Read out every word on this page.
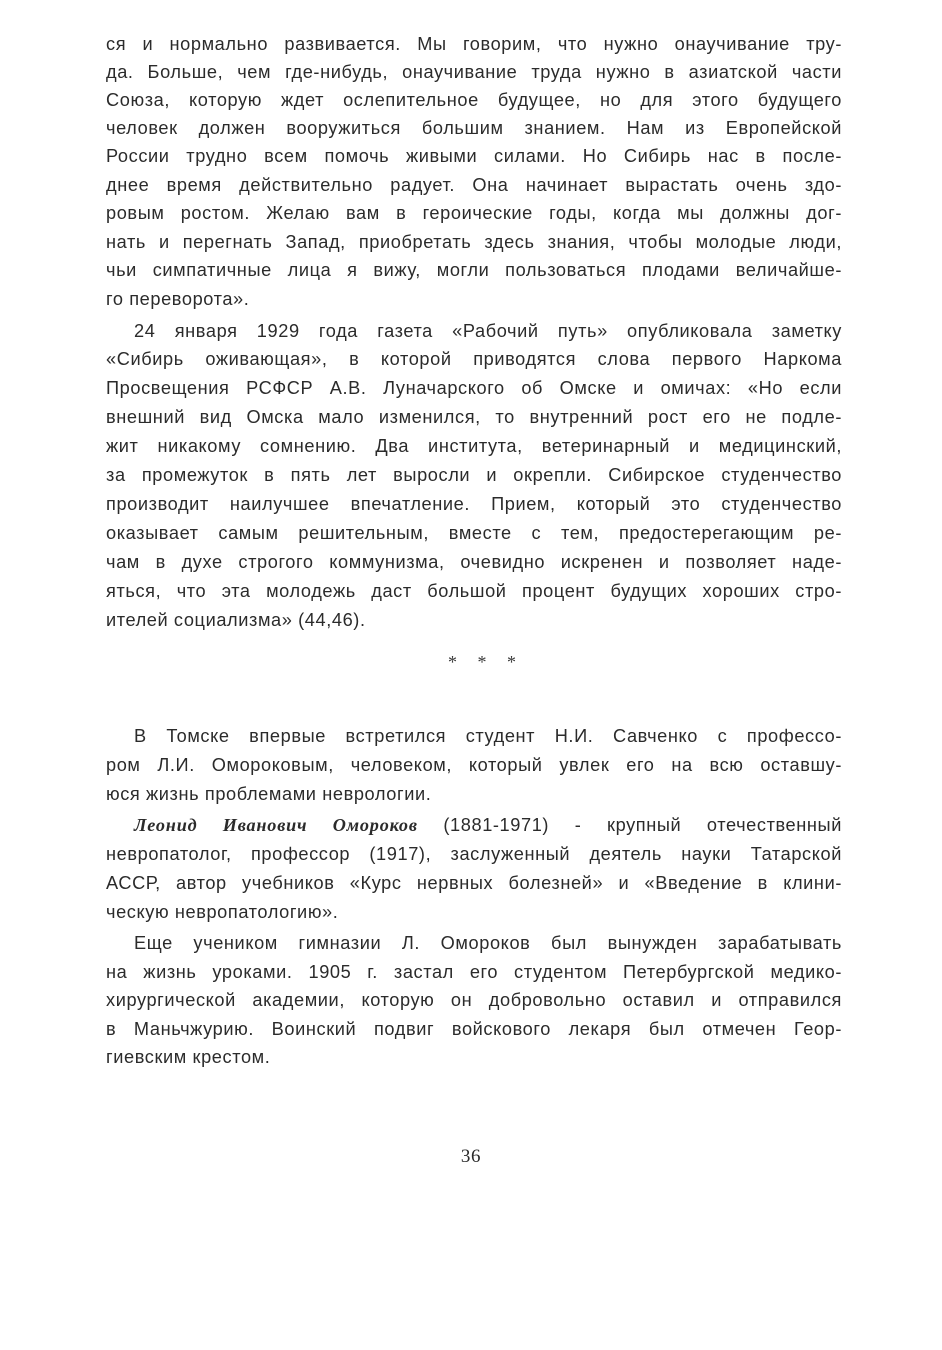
ся и нормально развивается. Мы говорим, что нужно онаучивание тру-
да. Больше, чем где-нибудь, онаучивание труда нужно в азиатской части
Союза, которую ждет ослепительное будущее, но для этого будущего
человек должен вооружиться большим знанием. Нам из Европейской
России трудно всем помочь живыми силами. Но Сибирь нас в после-
днее время действительно радует. Она начинает вырастать очень здо-
ровым ростом. Желаю вам в героические годы, когда мы должны дог-
нать и перегнать Запад, приобретать здесь знания, чтобы молодые люди,
чьи симпатичные лица я вижу, могли пользоваться плодами величайше-
го переворота».
24 января 1929 года газета «Рабочий путь» опубликовала заметку
«Сибирь оживающая», в которой приводятся слова первого Наркома
Просвещения РСФСР А.В. Луначарского об Омске и омичах: «Но если
внешний вид Омска мало изменился, то внутренний рост его не подле-
жит никакому сомнению. Два института, ветеринарный и медицинский,
за промежуток в пять лет выросли и окрепли. Сибирское студенчество
производит наилучшее впечатление. Прием, который это студенчество
оказывает самым решительным, вместе с тем, предостерегающим ре-
чам в духе строгого коммунизма, очевидно искренен и позволяет наде-
яться, что эта молодежь даст большой процент будущих хороших стро-
ителей социализма» (44,46).
* * *
В Томске впервые встретился студент Н.И. Савченко с профессо-
ром Л.И. Омороковым, человеком, который увлек его на всю оставшу-
юся жизнь проблемами неврологии.
Леонид Иванович Омороков (1881-1971) - крупный отечественный
невропатолог, профессор (1917), заслуженный деятель науки Татарской
АССР, автор учебников «Курс нервных болезней» и «Введение в клини-
ческую невропатологию».
Еще учеником гимназии Л. Омороков был вынужден зарабатывать
на жизнь уроками. 1905 г. застал его студентом Петербургской медико-
хирургической академии, которую он добровольно оставил и отправился
в Маньчжурию. Воинский подвиг войскового лекаря был отмечен Геор-
гиевским крестом.
36
